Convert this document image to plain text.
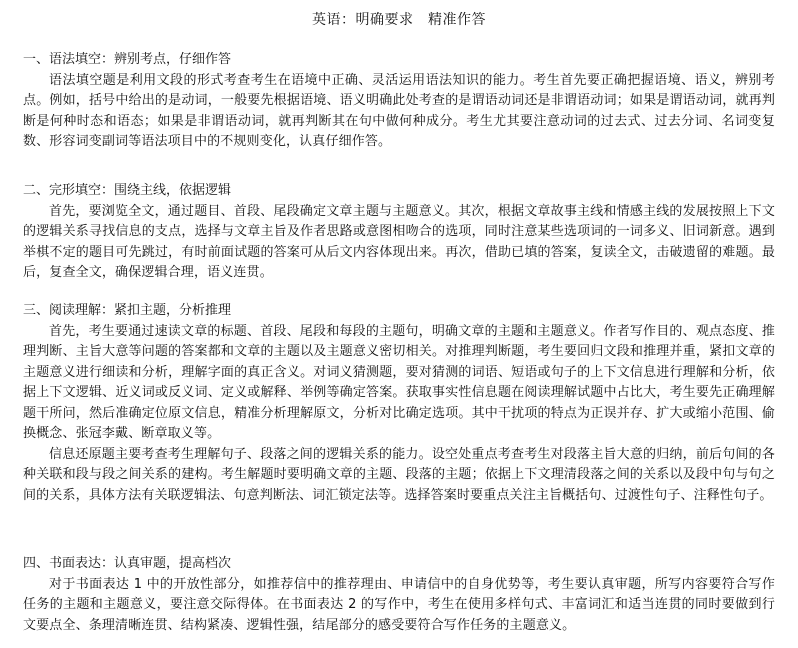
英语：明确要求　精准作答
一、语法填空：辨别考点，仔细作答

语法填空题是利用文段的形式考查考生在语境中正确、灵活运用语法知识的能力。考生首先要正确把握语境、语义，辨别考点。例如，括号中给出的是动词，一般要先根据语境、语义明确此处考查的是谓语动词还是非谓语动词；如果是谓语动词，就再判断是何种时态和语态；如果是非谓语动词，就再判断其在句中做何种成分。考生尤其要注意动词的过去式、过去分词、名词变复数、形容词变副词等语法项目中的不规则变化，认真仔细作答。

二、完形填空：围绕主线，依据逻辑

首先，要浏览全文，通过题目、首段、尾段确定文章主题与主题意义。其次，根据文章故事主线和情感主线的发展按照上下文的逻辑关系寻找信息的支点，选择与文章主旨及作者思路或意图相吻合的选项，同时注意某些选项词的一词多义、旧词新意。遇到举棋不定的题目可先跳过，有时前面试题的答案可从后文内容体现出来。再次，借助已填的答案，复读全文，击破遗留的难题。最后，复查全文，确保逻辑合理，语义连贯。

三、阅读理解：紧扣主题，分析推理

首先，考生要通过速读文章的标题、首段、尾段和每段的主题句，明确文章的主题和主题意义。作者写作目的、观点态度、推理判断、主旨大意等问题的答案都和文章的主题以及主题意义密切相关。对推理判断题，考生要回归文段和推理并重，紧扣文章的主题意义进行细读和分析，理解字面的真正含义。对词义猜测题，要对猜测的词语、短语或句子的上下文信息进行理解和分析，依据上下文逻辑、近义词或反义词、定义或解释、举例等确定答案。获取事实性信息题在阅读理解试题中占比大，考生要先正确理解题干所问，然后准确定位原文信息，精准分析理解原文，分析对比确定选项。其中干扰项的特点为正误并存、扩大或缩小范围、偷换概念、张冠李戴、断章取义等。

信息还原题主要考查考生理解句子、段落之间的逻辑关系的能力。设空处重点考查考生对段落主旨大意的归纳，前后句间的各种关联和段与段之间关系的建构。考生解题时要明确文章的主题、段落的主题；依据上下文理清段落之间的关系以及段中句与句之间的关系，具体方法有关联逻辑法、句意判断法、词汇锁定法等。选择答案时要重点关注主旨概括句、过渡性句子、注释性句子。

四、书面表达：认真审题，提高档次

对于书面表达 1 中的开放性部分，如推荐信中的推荐理由、申请信中的自身优势等，考生要认真审题，所写内容要符合写作任务的主题和主题意义，要注意交际得体。在书面表达 2 的写作中，考生在使用多样句式、丰富词汇和适当连贯的同时要做到行文要点全、条理清晰连贯、结构紧凑、逻辑性强，结尾部分的感受要符合写作任务的主题意义。
